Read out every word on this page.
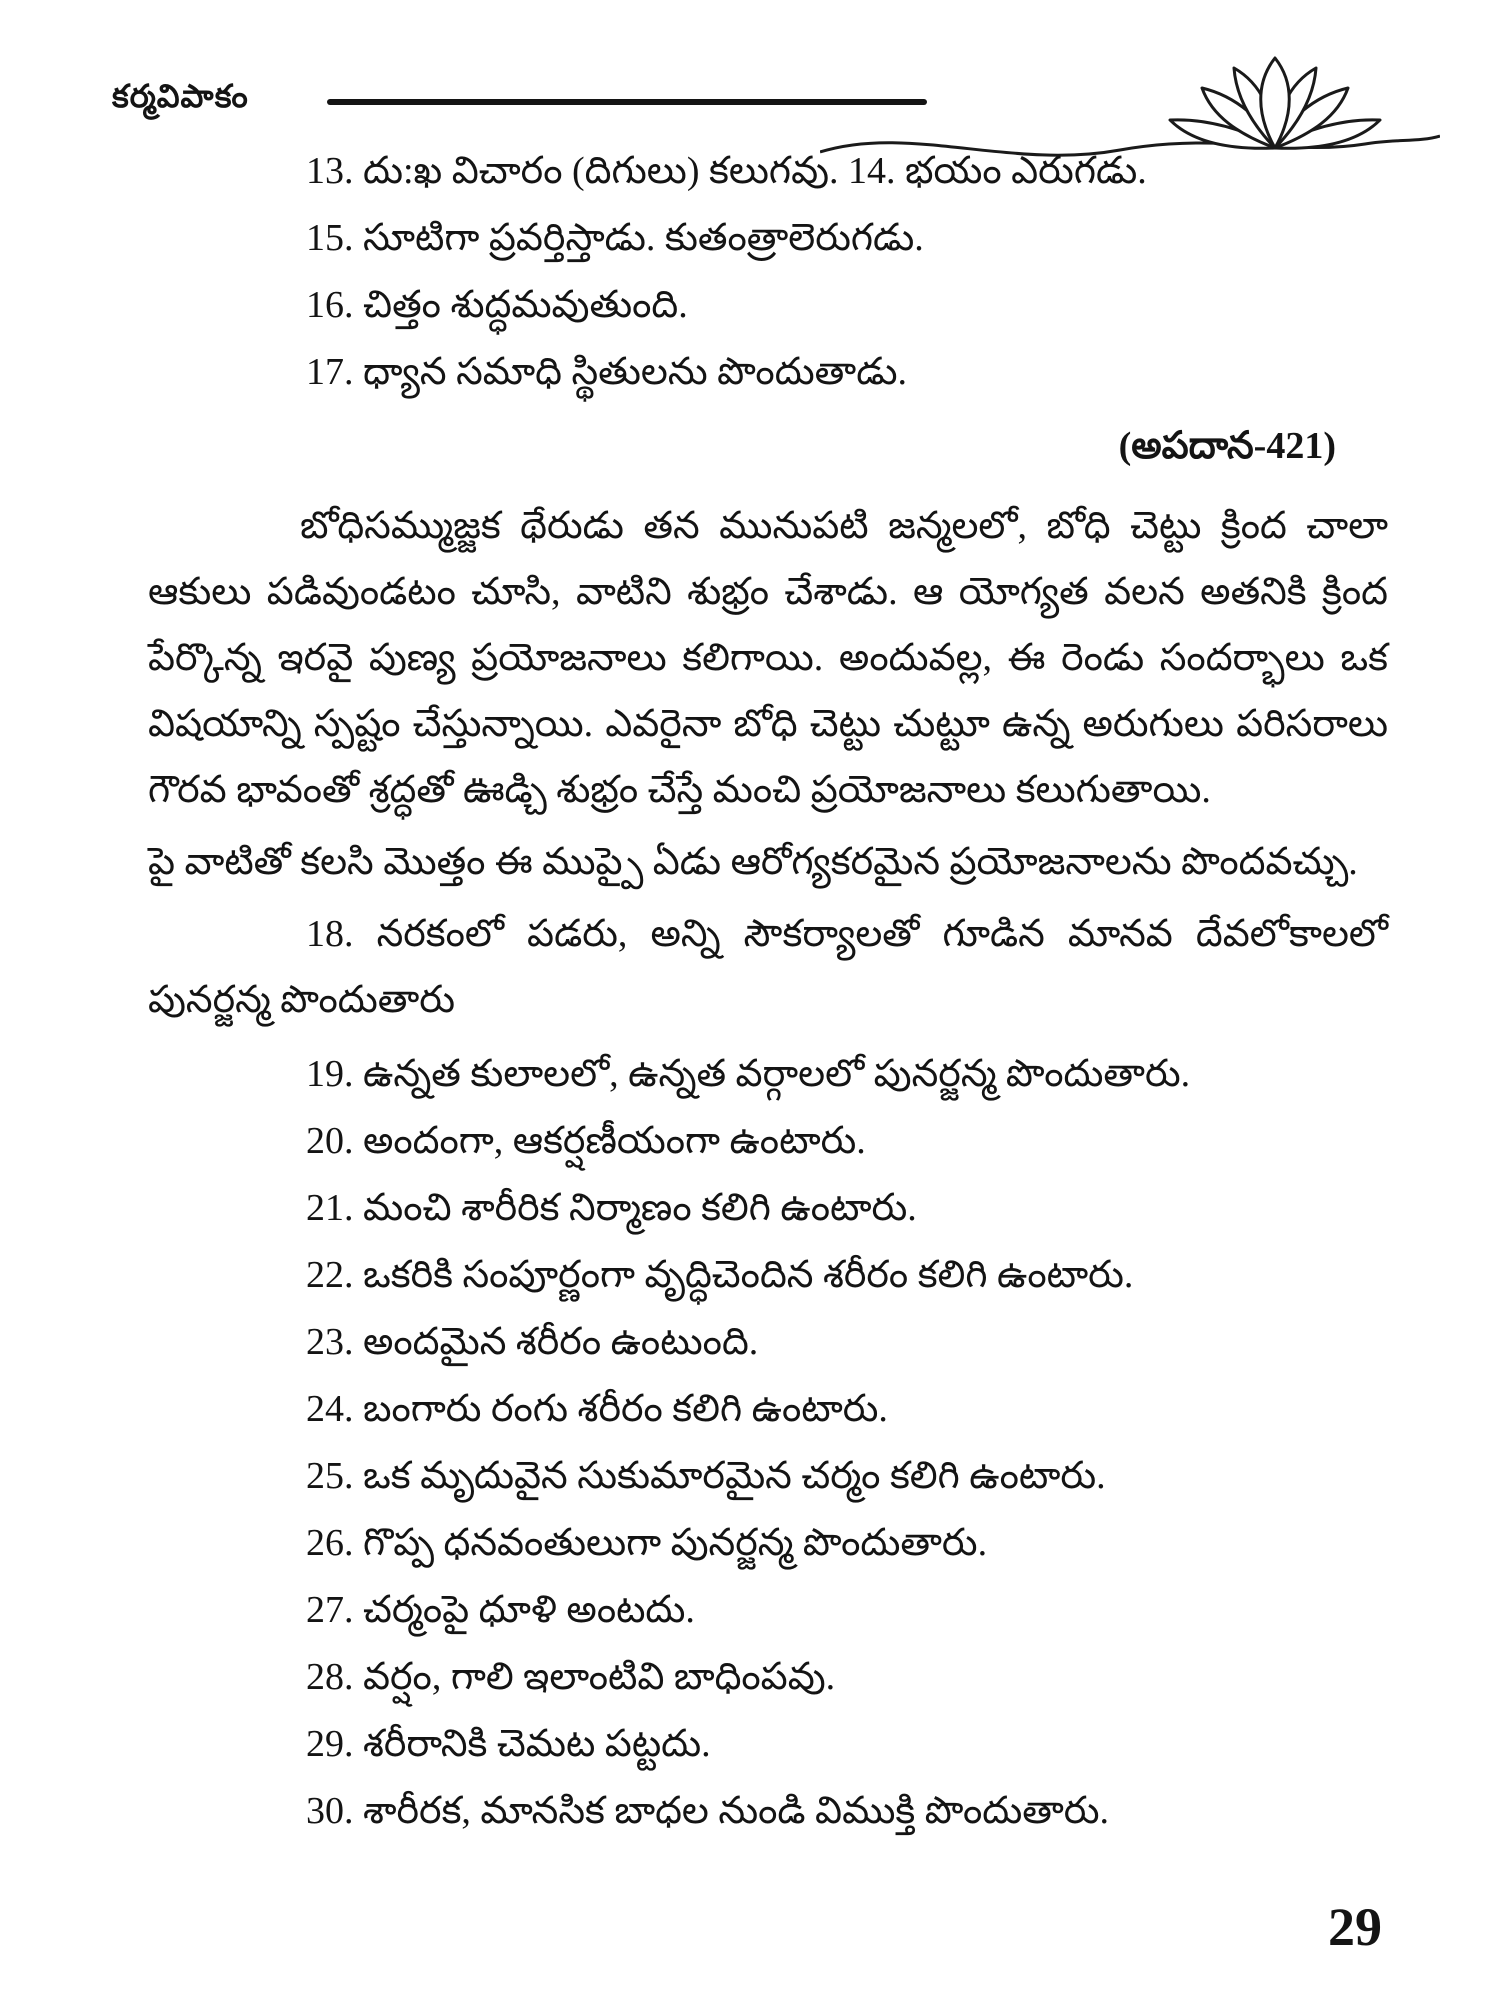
కర్మవిపాకం
13. దు:ఖ విచారం (దిగులు) కలుగవు. 14. భయం ఎరుగడు.
15. సూటిగా ప్రవర్తిస్తాడు. కుతంత్రాలెరుగడు.
16. చిత్తం శుద్ధమవుతుంది.
17. ధ్యాన సమాధి స్థితులను పొందుతాడు.
(అపదాన-421)

బోధిసమ్ముజ్జక థేరుడు తన మునుపటి జన్మలలో, బోధి చెట్టు క్రింద చాలా ఆకులు పడివుండటం చూసి, వాటిని శుభ్రం చేశాడు. ఆ యోగ్యత వలన అతనికి క్రింద పేర్కొన్న ఇరవై పుణ్య ప్రయోజనాలు కలిగాయి. అందువల్ల, ఈ రెండు సందర్భాలు ఒక విషయాన్ని స్పష్టం చేస్తున్నాయి. ఎవరైనా బోధి చెట్టు చుట్టూ ఉన్న అరుగులు పరిసరాలు గౌరవ భావంతో శ్రద్ధతో ఊడ్చి శుభ్రం చేస్తే మంచి ప్రయోజనాలు కలుగుతాయి.

పై వాటితో కలసి మొత్తం ఈ ముప్పై ఏడు ఆరోగ్యకరమైన ప్రయోజనాలను పొందవచ్చు.

18. నరకంలో పడరు, అన్ని సౌకర్యాలతో గూడిన మానవ దేవలోకాలలో పునర్జన్మ పొందుతారు

19. ఉన్నత కులాలలో, ఉన్నత వర్గాలలో పునర్జన్మ పొందుతారు.
20. అందంగా, ఆకర్షణీయంగా ఉంటారు.
21. మంచి శారీరిక నిర్మాణం కలిగి ఉంటారు.
22. ఒకరికి సంపూర్ణంగా వృద్ధిచెందిన శరీరం కలిగి ఉంటారు.
23. అందమైన శరీరం ఉంటుంది.
24. బంగారు రంగు శరీరం కలిగి ఉంటారు.
25. ఒక మృదువైన సుకుమారమైన చర్మం కలిగి ఉంటారు.
26. గొప్ప ధనవంతులుగా పునర్జన్మ పొందుతారు.
27. చర్మంపై ధూళి అంటదు.
28. వర్షం, గాలి ఇలాంటివి బాధింపవు.
29. శరీరానికి చెమట పట్టదు.
30. శారీరక, మానసిక బాధల నుండి విముక్తి పొందుతారు.
29
